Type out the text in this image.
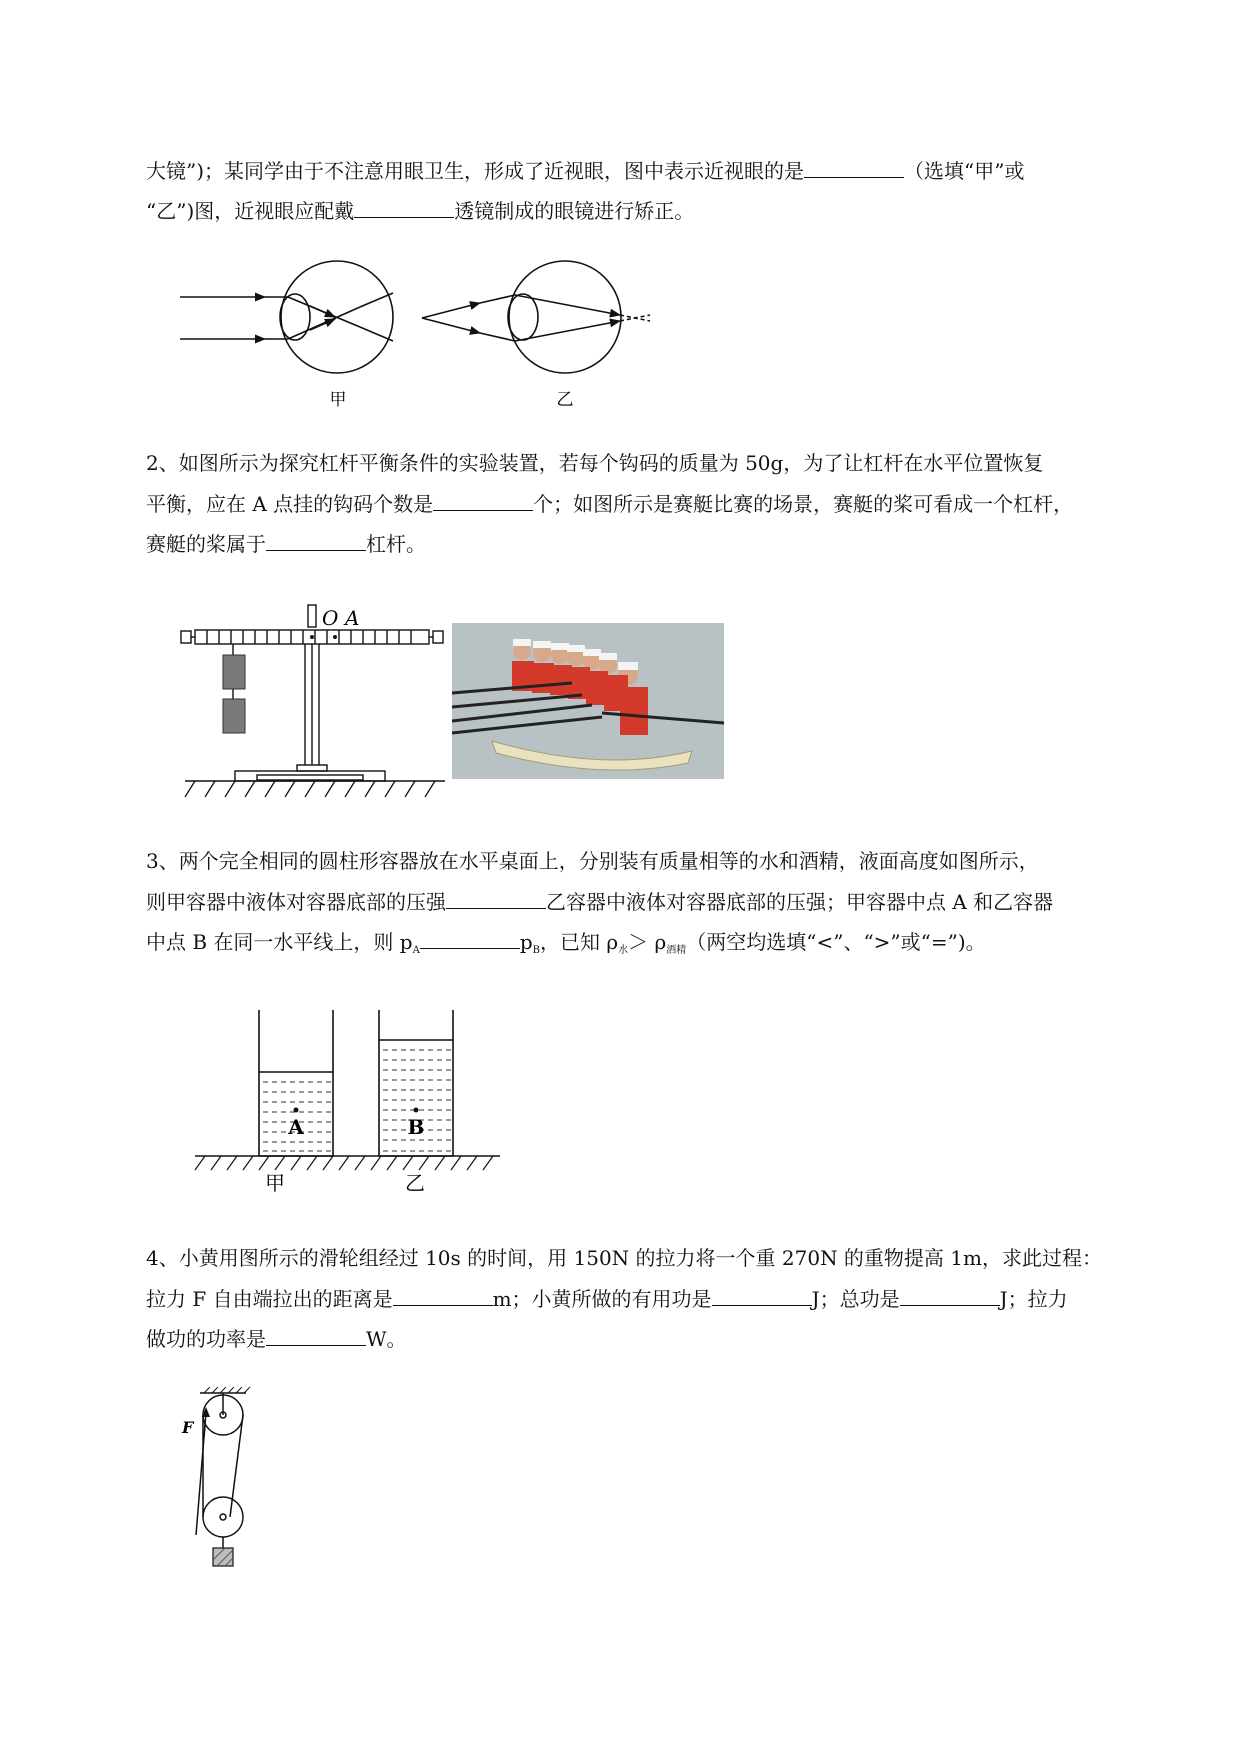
大镜”)；某同学由于不注意用眼卫生，形成了近视眼，图中表示近视眼的是	（选填“甲”或
“乙”)图，近视眼应配戴	透镜制成的眼镜进行矫正。
甲	乙
2、如图所示为探究杠杆平衡条件的实验装置，若每个钩码的质量为 50g，为了让杠杆在水平位置恢复
平衡，应在 A 点挂的钩码个数是	个；如图所示是赛艇比赛的场景，赛艇的桨可看成一个杠杆，
赛艇的桨属于	杠杆。
O A
3、两个完全相同的圆柱形容器放在水平桌面上，分别装有质量相等的水和酒精，液面高度如图所示，
则甲容器中液体对容器底部的压强	乙容器中液体对容器底部的压强；甲容器中点 A 和乙容器
中点 B 在同一水平线上，则 $p_A$	$p_B$，已知 $\rho_水> \rho_{酒精}$（两空均选填“<”、“>”或“=”)。
A	B
甲	乙
4、小黄用图所示的滑轮组经过 10s 的时间，用 150N 的拉力将一个重 270N 的重物提高 1m，求此过程：
拉力 F 自由端拉出的距离是	m；小黄所做的有用功是	J；总功是	J；拉力
做功的功率是	W。
F
